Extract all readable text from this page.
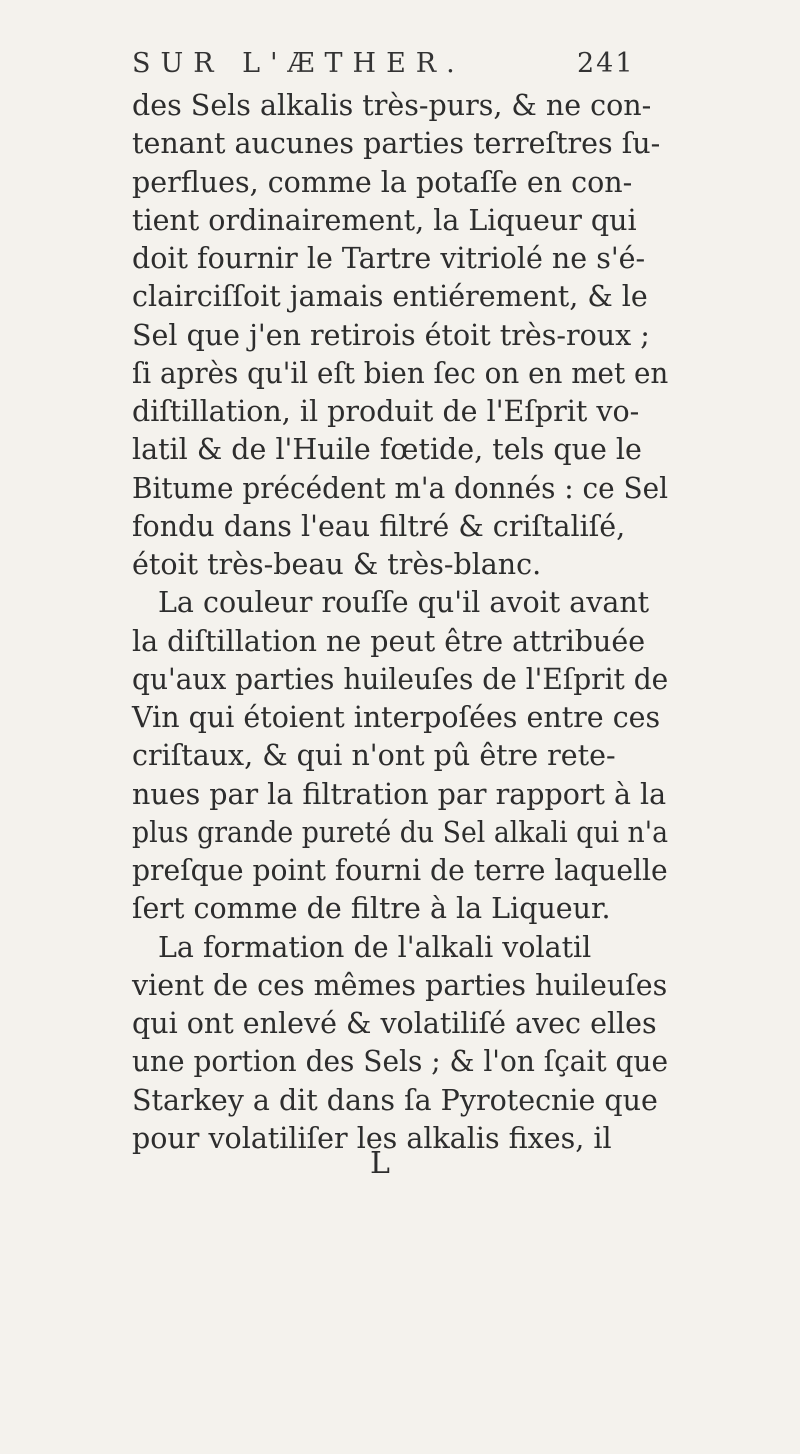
SUR L'ÆTHER.	241
des Sels alkalis très-purs, & ne con-
tenant aucunes parties terreſtres ſu-
perflues, comme la potaſſe en con-
tient ordinairement, la Liqueur qui
doit fournir le Tartre vitriolé ne s'é-
clairciſſoit jamais entiérement, & le
Sel que j'en retirois étoit très-roux ;
ſi après qu'il eſt bien ſec on en met en
diſtillation, il produit de l'Eſprit vo-
latil & de l'Huile fœtide, tels que le
Bitume précédent m'a donnés : ce Sel
fondu dans l'eau filtré & criſtaliſé,
étoit très-beau & très-blanc.
La couleur rouſſe qu'il avoit avant
la diſtillation ne peut être attribuée
qu'aux parties huileuſes de l'Eſprit de
Vin qui étoient interpoſées entre ces
criſtaux, & qui n'ont pû être rete-
nues par la filtration par rapport à la
plus grande pureté du Sel alkali qui n'a
preſque point fourni de terre laquelle
ſert comme de filtre à la Liqueur.
La formation de l'alkali volatil
vient de ces mêmes parties huileuſes
qui ont enlevé & volatiliſé avec elles
une portion des Sels ; & l'on ſçait que
Starkey a dit dans ſa Pyrotecnie que
pour volatiliſer les alkalis fixes, il
L
